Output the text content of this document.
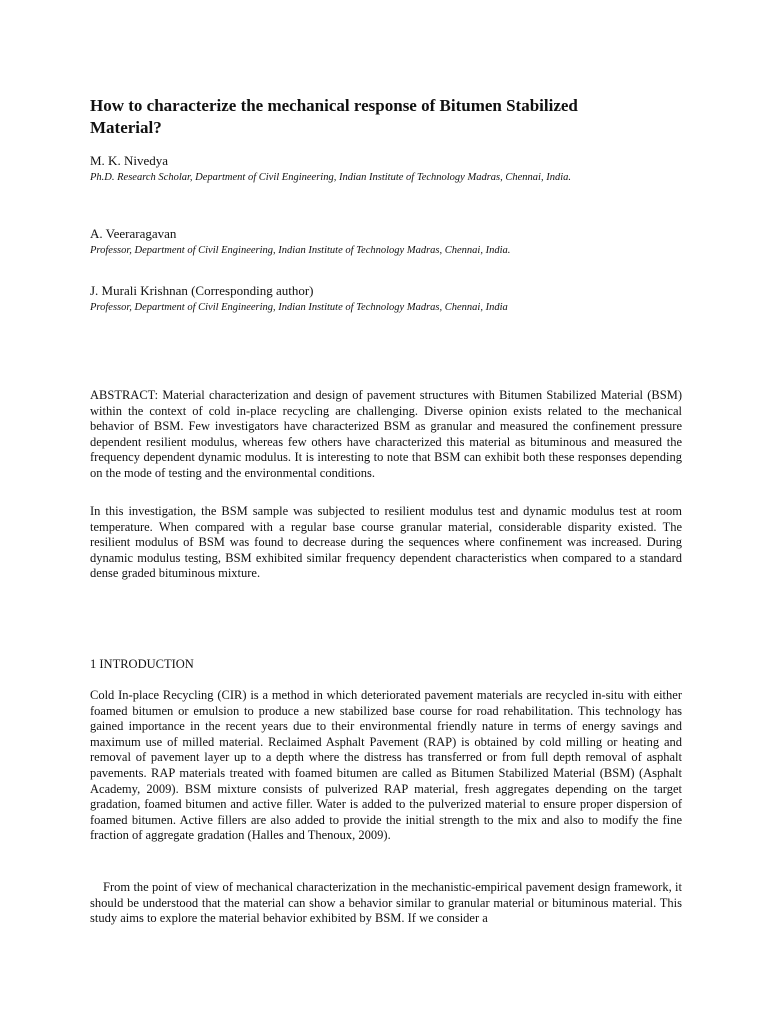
How to characterize the mechanical response of Bitumen Stabilized Material?
M. K. Nivedya
Ph.D. Research Scholar, Department of Civil Engineering, Indian Institute of Technology Madras, Chennai, India.
A. Veeraragavan
Professor, Department of Civil Engineering, Indian Institute of Technology Madras, Chennai, India.
J. Murali Krishnan (Corresponding author)
Professor, Department of Civil Engineering, Indian Institute of Technology Madras, Chennai, India

ABSTRACT: Material characterization and design of pavement structures with Bitumen Stabilized Material (BSM) within the context of cold in-place recycling are challenging. Diverse opinion exists related to the mechanical behavior of BSM. Few investigators have characterized BSM as granular and measured the confinement pressure dependent resilient modulus, whereas few others have characterized this material as bituminous and measured the frequency dependent dynamic modulus. It is interesting to note that BSM can exhibit both these responses depending on the mode of testing and the environmental conditions.

In this investigation, the BSM sample was subjected to resilient modulus test and dynamic modulus test at room temperature. When compared with a regular base course granular material, considerable disparity existed. The resilient modulus of BSM was found to decrease during the sequences where confinement was increased. During dynamic modulus testing, BSM exhibited similar frequency dependent characteristics when compared to a standard dense graded bituminous mixture.

1 INTRODUCTION

Cold In-place Recycling (CIR) is a method in which deteriorated pavement materials are recycled in-situ with either foamed bitumen or emulsion to produce a new stabilized base course for road rehabilitation. This technology has gained importance in the recent years due to their environmental friendly nature in terms of energy savings and maximum use of milled material. Reclaimed Asphalt Pavement (RAP) is obtained by cold milling or heating and removal of pavement layer up to a depth where the distress has transferred or from full depth removal of asphalt pavements. RAP materials treated with foamed bitumen are called as Bitumen Stabilized Material (BSM) (Asphalt Academy, 2009). BSM mixture consists of pulverized RAP material, fresh aggregates depending on the target gradation, foamed bitumen and active filler. Water is added to the pulverized material to ensure proper dispersion of foamed bitumen. Active fillers are also added to provide the initial strength to the mix and also to modify the fine fraction of aggregate gradation (Halles and Thenoux, 2009).

From the point of view of mechanical characterization in the mechanistic-empirical pavement design framework, it should be understood that the material can show a behavior similar to granular material or bituminous material. This study aims to explore the material behavior exhibited by BSM. If we consider a
